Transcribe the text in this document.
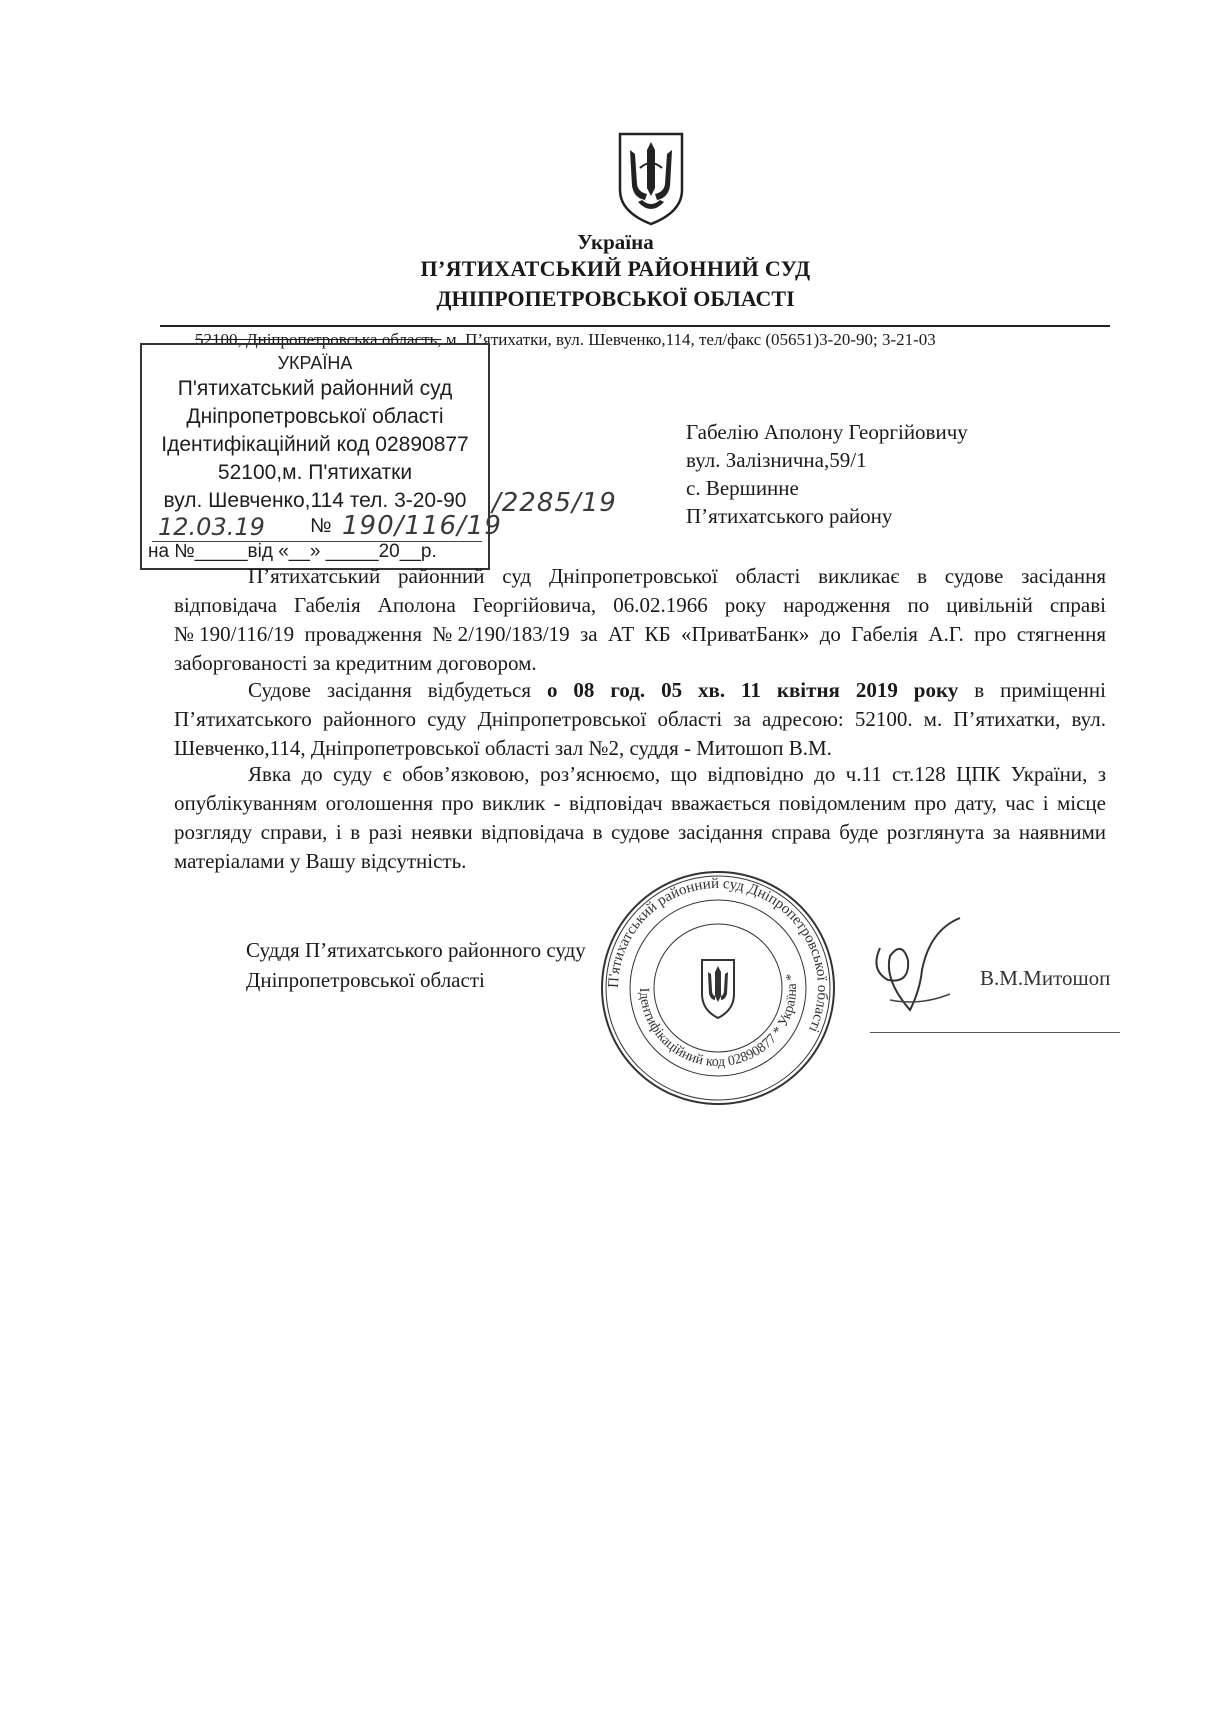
Україна
П’ЯТИХАТСЬКИЙ РАЙОННИЙ СУД
ДНІПРОПЕТРОВСЬКОЇ ОБЛАСТІ
52100, Дніпропетровська область, м. П’ятихатки, вул. Шевченко,114, тел/факс (05651)3-20-90; 3-21-03
УКРАЇНА
П'ятихатський районний суд
Дніпропетровської області
Ідентифікаційний код 02890877
52100,м. П'ятихатки
вул. Шевченко,114 тел. 3-20-90
12.03.19 № 190/116/19
на №_____від «__» _____20__р.
/2285/19
Габелію Аполону Георгійовичу
вул. Залізнична,59/1
с. Вершинне
П’ятихатського району
П’ятихатський районний суд Дніпропетровської області викликає в судове засідання відповідача Габелія Аполона Георгійовича, 06.02.1966 року народження по цивільній справі №190/116/19 провадження №2/190/183/19 за АТ КБ «ПриватБанк» до Габелія А.Г. про стягнення заборгованості за кредитним договором.
Судове засідання відбудеться о 08 год. 05 хв. 11 квітня 2019 року в приміщенні П’ятихатського районного суду Дніпропетровської області за адресою: 52100. м. П’ятихатки, вул. Шевченко,114, Дніпропетровської області зал №2, суддя - Митошоп В.М.
Явка до суду є обов’язковою, роз’яснюємо, що відповідно до ч.11 ст.128 ЦПК України, з опублікуванням оголошення про виклик - відповідач вважається повідомленим про дату, час і місце розгляду справи, і в разі неявки відповідача в судове засідання справа буде розглянута за наявними матеріалами у Вашу відсутність.
П'ятихатський районний суд Дніпропетровської області
Ідентифікаційний код 02890877 * Україна *
Суддя П’ятихатського районного суду
Дніпропетровської області	В.М.Митошоп
